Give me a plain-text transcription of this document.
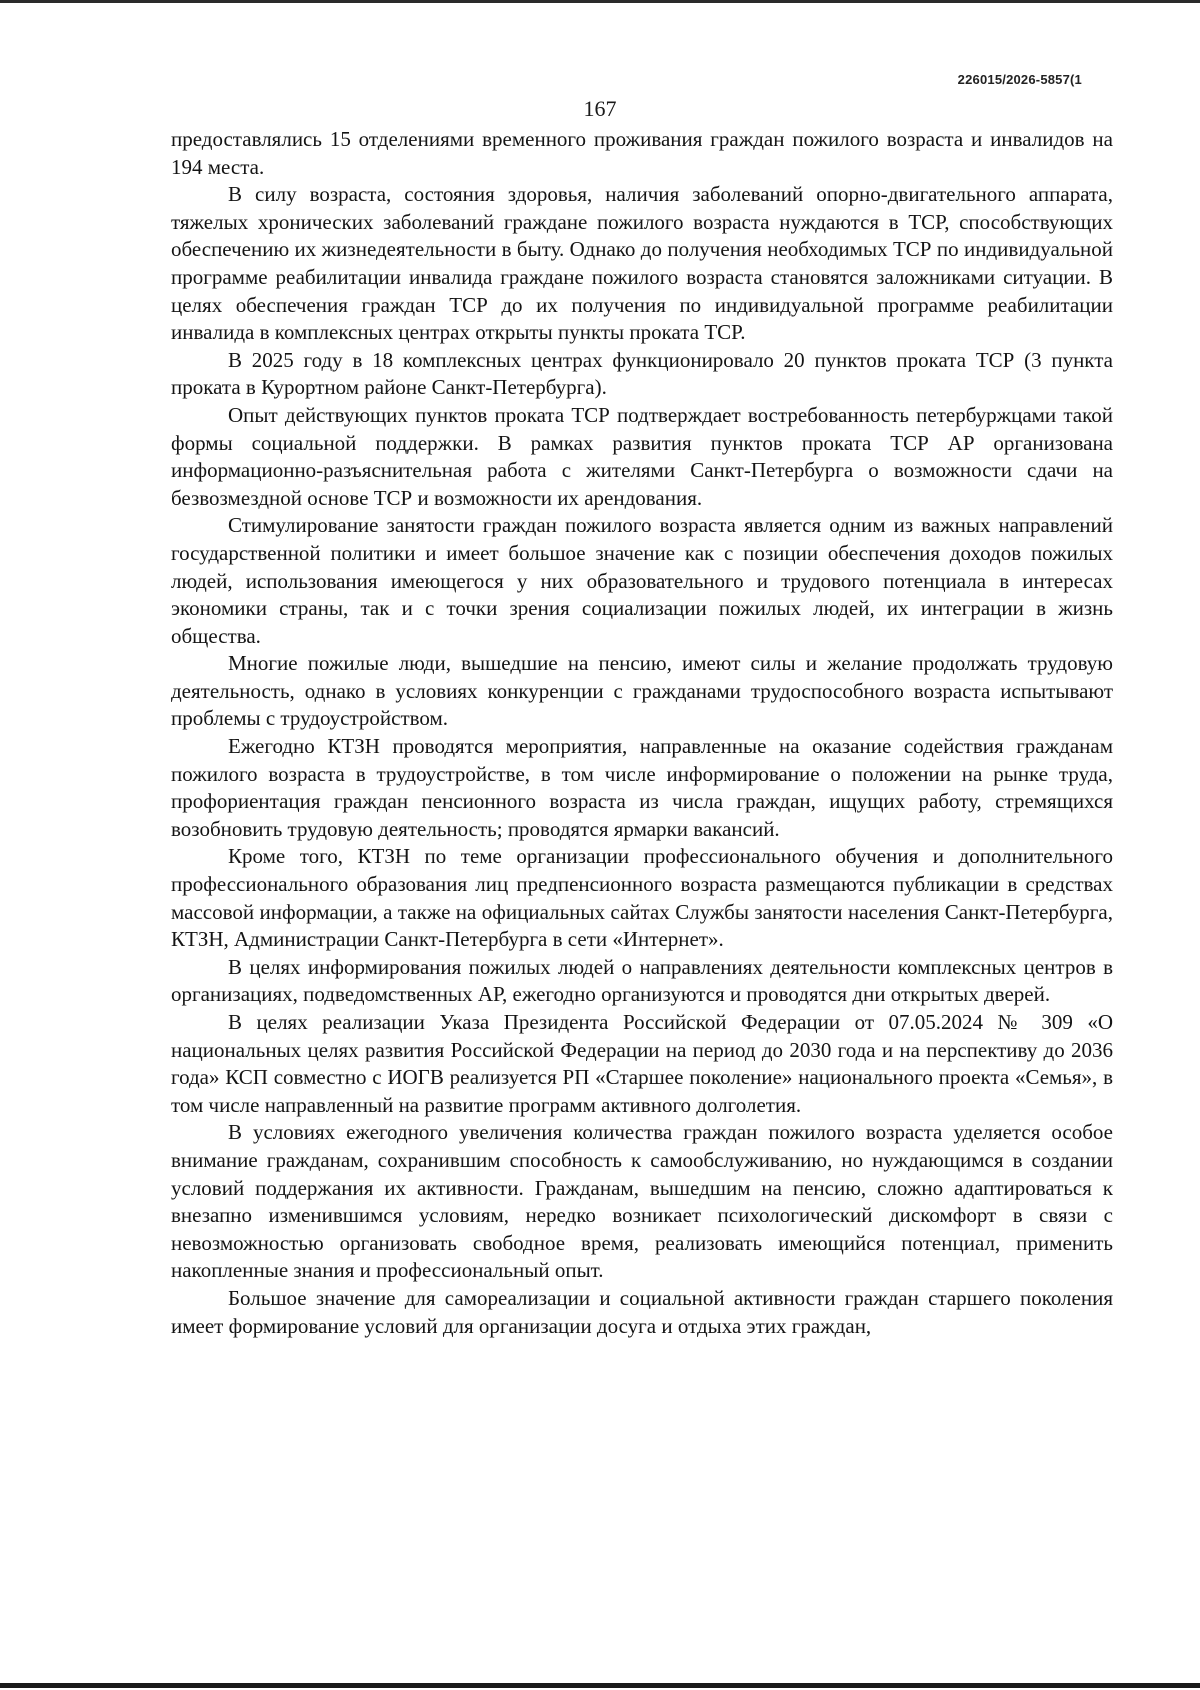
226015/2026-5857(1
167

предоставлялись 15 отделениями временного проживания граждан пожилого возраста и инвалидов на 194 места.

В силу возраста, состояния здоровья, наличия заболеваний опорно-двигательного аппарата, тяжелых хронических заболеваний граждане пожилого возраста нуждаются в ТСР, способствующих обеспечению их жизнедеятельности в быту. Однако до получения необходимых ТСР по индивидуальной программе реабилитации инвалида граждане пожилого возраста становятся заложниками ситуации. В целях обеспечения граждан ТСР до их получения по индивидуальной программе реабилитации инвалида в комплексных центрах открыты пункты проката ТСР.

В 2025 году в 18 комплексных центрах функционировало 20 пунктов проката ТСР (3 пункта проката в Курортном районе Санкт-Петербурга).

Опыт действующих пунктов проката ТСР подтверждает востребованность петербуржцами такой формы социальной поддержки. В рамках развития пунктов проката ТСР АР организована информационно-разъяснительная работа с жителями Санкт-Петербурга о возможности сдачи на безвозмездной основе ТСР и возможности их арендования.

Стимулирование занятости граждан пожилого возраста является одним из важных направлений государственной политики и имеет большое значение как с позиции обеспечения доходов пожилых людей, использования имеющегося у них образовательного и трудового потенциала в интересах экономики страны, так и с точки зрения социализации пожилых людей, их интеграции в жизнь общества.

Многие пожилые люди, вышедшие на пенсию, имеют силы и желание продолжать трудовую деятельность, однако в условиях конкуренции с гражданами трудоспособного возраста испытывают проблемы с трудоустройством.

Ежегодно КТЗН проводятся мероприятия, направленные на оказание содействия гражданам пожилого возраста в трудоустройстве, в том числе информирование о положении на рынке труда, профориентация граждан пенсионного возраста из числа граждан, ищущих работу, стремящихся возобновить трудовую деятельность; проводятся ярмарки вакансий.

Кроме того, КТЗН по теме организации профессионального обучения и дополнительного профессионального образования лиц предпенсионного возраста размещаются публикации в средствах массовой информации, а также на официальных сайтах Службы занятости населения Санкт-Петербурга, КТЗН, Администрации Санкт-Петербурга в сети «Интернет».

В целях информирования пожилых людей о направлениях деятельности комплексных центров в организациях, подведомственных АР, ежегодно организуются и проводятся дни открытых дверей.

В целях реализации Указа Президента Российской Федерации от 07.05.2024 № 309 «О национальных целях развития Российской Федерации на период до 2030 года и на перспективу до 2036 года» КСП совместно с ИОГВ реализуется РП «Старшее поколение» национального проекта «Семья», в том числе направленный на развитие программ активного долголетия.

В условиях ежегодного увеличения количества граждан пожилого возраста уделяется особое внимание гражданам, сохранившим способность к самообслуживанию, но нуждающимся в создании условий поддержания их активности. Гражданам, вышедшим на пенсию, сложно адаптироваться к внезапно изменившимся условиям, нередко возникает психологический дискомфорт в связи с невозможностью организовать свободное время, реализовать имеющийся потенциал, применить накопленные знания и профессиональный опыт.

Большое значение для самореализации и социальной активности граждан старшего поколения имеет формирование условий для организации досуга и отдыха этих граждан,
